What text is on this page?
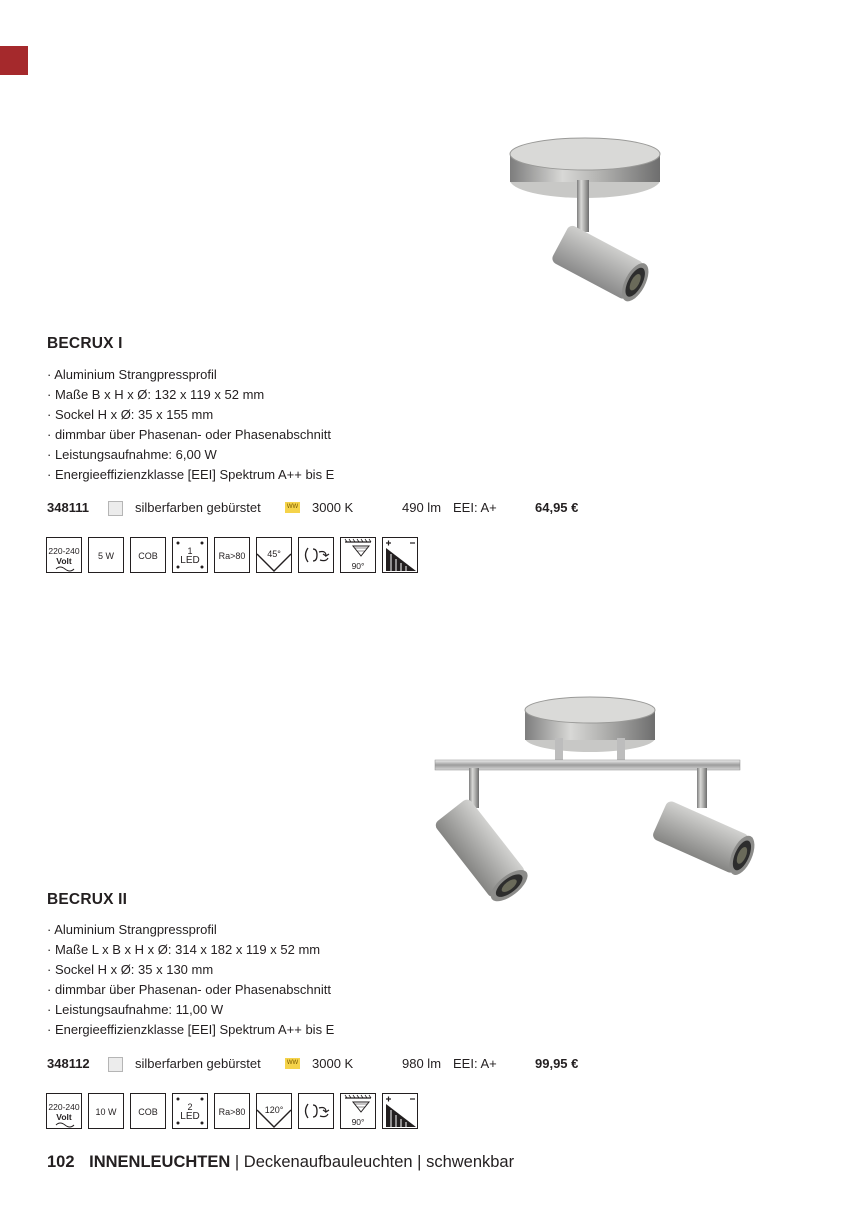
BECRUX I
· Aluminium Strangpressprofil
· Maße B x H x Ø: 132 x 119 x 52 mm
· Sockel H x Ø: 35 x 155 mm
· dimmbar über Phasenan- oder Phasenabschnitt
· Leistungsaufnahme: 6,00 W
· Energieeffizienzklasse [EEI] Spektrum A++ bis E
348111	silberfarben gebürstet	WW 3000 K	490 lm EEI: A+	64,95 €
220-240
Volt	5 W	COB	1
LED	Ra>80	45°
90°
BECRUX II
· Aluminium Strangpressprofil
· Maße L x B x H x Ø: 314 x 182 x 119 x 52 mm
· Sockel H x Ø: 35 x 130 mm
· dimmbar über Phasenan- oder Phasenabschnitt
· Leistungsaufnahme: 11,00 W
· Energieeffizienzklasse [EEI] Spektrum A++ bis E
348112	silberfarben gebürstet	WW 3000 K	980 lm EEI: A+	99,95 €
220-240
Volt	10 W	COB	2
LED	Ra>80	120°
90°
102 INNENLEUCHTEN | Deckenaufbauleuchten | schwenkbar
